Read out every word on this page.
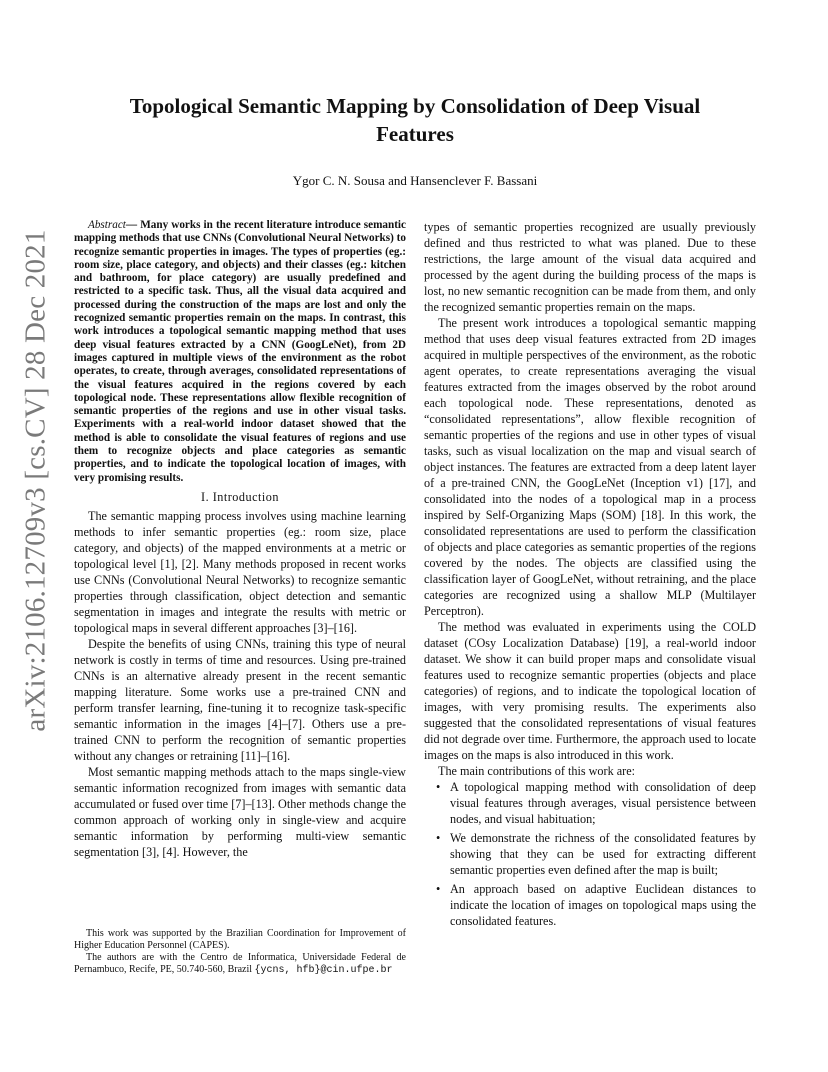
arXiv:2106.12709v3 [cs.CV] 28 Dec 2021
Topological Semantic Mapping by Consolidation of Deep Visual Features

Ygor C. N. Sousa and Hansenclever F. Bassani

Abstract— Many works in the recent literature introduce semantic mapping methods that use CNNs (Convolutional Neural Networks) to recognize semantic properties in images. The types of properties (eg.: room size, place category, and objects) and their classes (eg.: kitchen and bathroom, for place category) are usually predefined and restricted to a specific task. Thus, all the visual data acquired and processed during the construction of the maps are lost and only the recognized semantic properties remain on the maps. In contrast, this work introduces a topological semantic mapping method that uses deep visual features extracted by a CNN (GoogLeNet), from 2D images captured in multiple views of the environment as the robot operates, to create, through averages, consolidated representations of the visual features acquired in the regions covered by each topological node. These representations allow flexible recognition of semantic properties of the regions and use in other visual tasks. Experiments with a real-world indoor dataset showed that the method is able to consolidate the visual features of regions and use them to recognize objects and place categories as semantic properties, and to indicate the topological location of images, with very promising results.

I. Introduction

The semantic mapping process involves using machine learning methods to infer semantic properties (eg.: room size, place category, and objects) of the mapped environments at a metric or topological level [1], [2]. Many methods proposed in recent works use CNNs (Convolutional Neural Networks) to recognize semantic properties through classification, object detection and semantic segmentation in images and integrate the results with metric or topological maps in several different approaches [3]–[16].

Despite the benefits of using CNNs, training this type of neural network is costly in terms of time and resources. Using pre-trained CNNs is an alternative already present in the recent semantic mapping literature. Some works use a pre-trained CNN and perform transfer learning, fine-tuning it to recognize task-specific semantic information in the images [4]–[7]. Others use a pre-trained CNN to perform the recognition of semantic properties without any changes or retraining [11]–[16].

Most semantic mapping methods attach to the maps single-view semantic information recognized from images with semantic data accumulated or fused over time [7]–[13]. Other methods change the common approach of working only in single-view and acquire semantic information by performing multi-view semantic segmentation [3], [4]. However, the

This work was supported by the Brazilian Coordination for Improvement of Higher Education Personnel (CAPES).

The authors are with the Centro de Informatica, Universidade Federal de Pernambuco, Recife, PE, 50.740-560, Brazil {ycns, hfb}@cin.ufpe.br

types of semantic properties recognized are usually previously defined and thus restricted to what was planed. Due to these restrictions, the large amount of the visual data acquired and processed by the agent during the building process of the maps is lost, no new semantic recognition can be made from them, and only the recognized semantic properties remain on the maps.

The present work introduces a topological semantic mapping method that uses deep visual features extracted from 2D images acquired in multiple perspectives of the environment, as the robotic agent operates, to create representations averaging the visual features extracted from the images observed by the robot around each topological node. These representations, denoted as “consolidated representations”, allow flexible recognition of semantic properties of the regions and use in other types of visual tasks, such as visual localization on the map and visual search of object instances. The features are extracted from a deep latent layer of a pre-trained CNN, the GoogLeNet (Inception v1) [17], and consolidated into the nodes of a topological map in a process inspired by Self-Organizing Maps (SOM) [18]. In this work, the consolidated representations are used to perform the classification of objects and place categories as semantic properties of the regions covered by the nodes. The objects are classified using the classification layer of GoogLeNet, without retraining, and the place categories are recognized using a shallow MLP (Multilayer Perceptron).

The method was evaluated in experiments using the COLD dataset (COsy Localization Database) [19], a real-world indoor dataset. We show it can build proper maps and consolidate visual features used to recognize semantic properties (objects and place categories) of regions, and to indicate the topological location of images, with very promising results. The experiments also suggested that the consolidated representations of visual features did not degrade over time. Furthermore, the approach used to locate images on the maps is also introduced in this work.

The main contributions of this work are:

• A topological mapping method with consolidation of deep visual features through averages, visual persistence between nodes, and visual habituation;
• We demonstrate the richness of the consolidated features by showing that they can be used for extracting different semantic properties even defined after the map is built;
• An approach based on adaptive Euclidean distances to indicate the location of images on topological maps using the consolidated features.
